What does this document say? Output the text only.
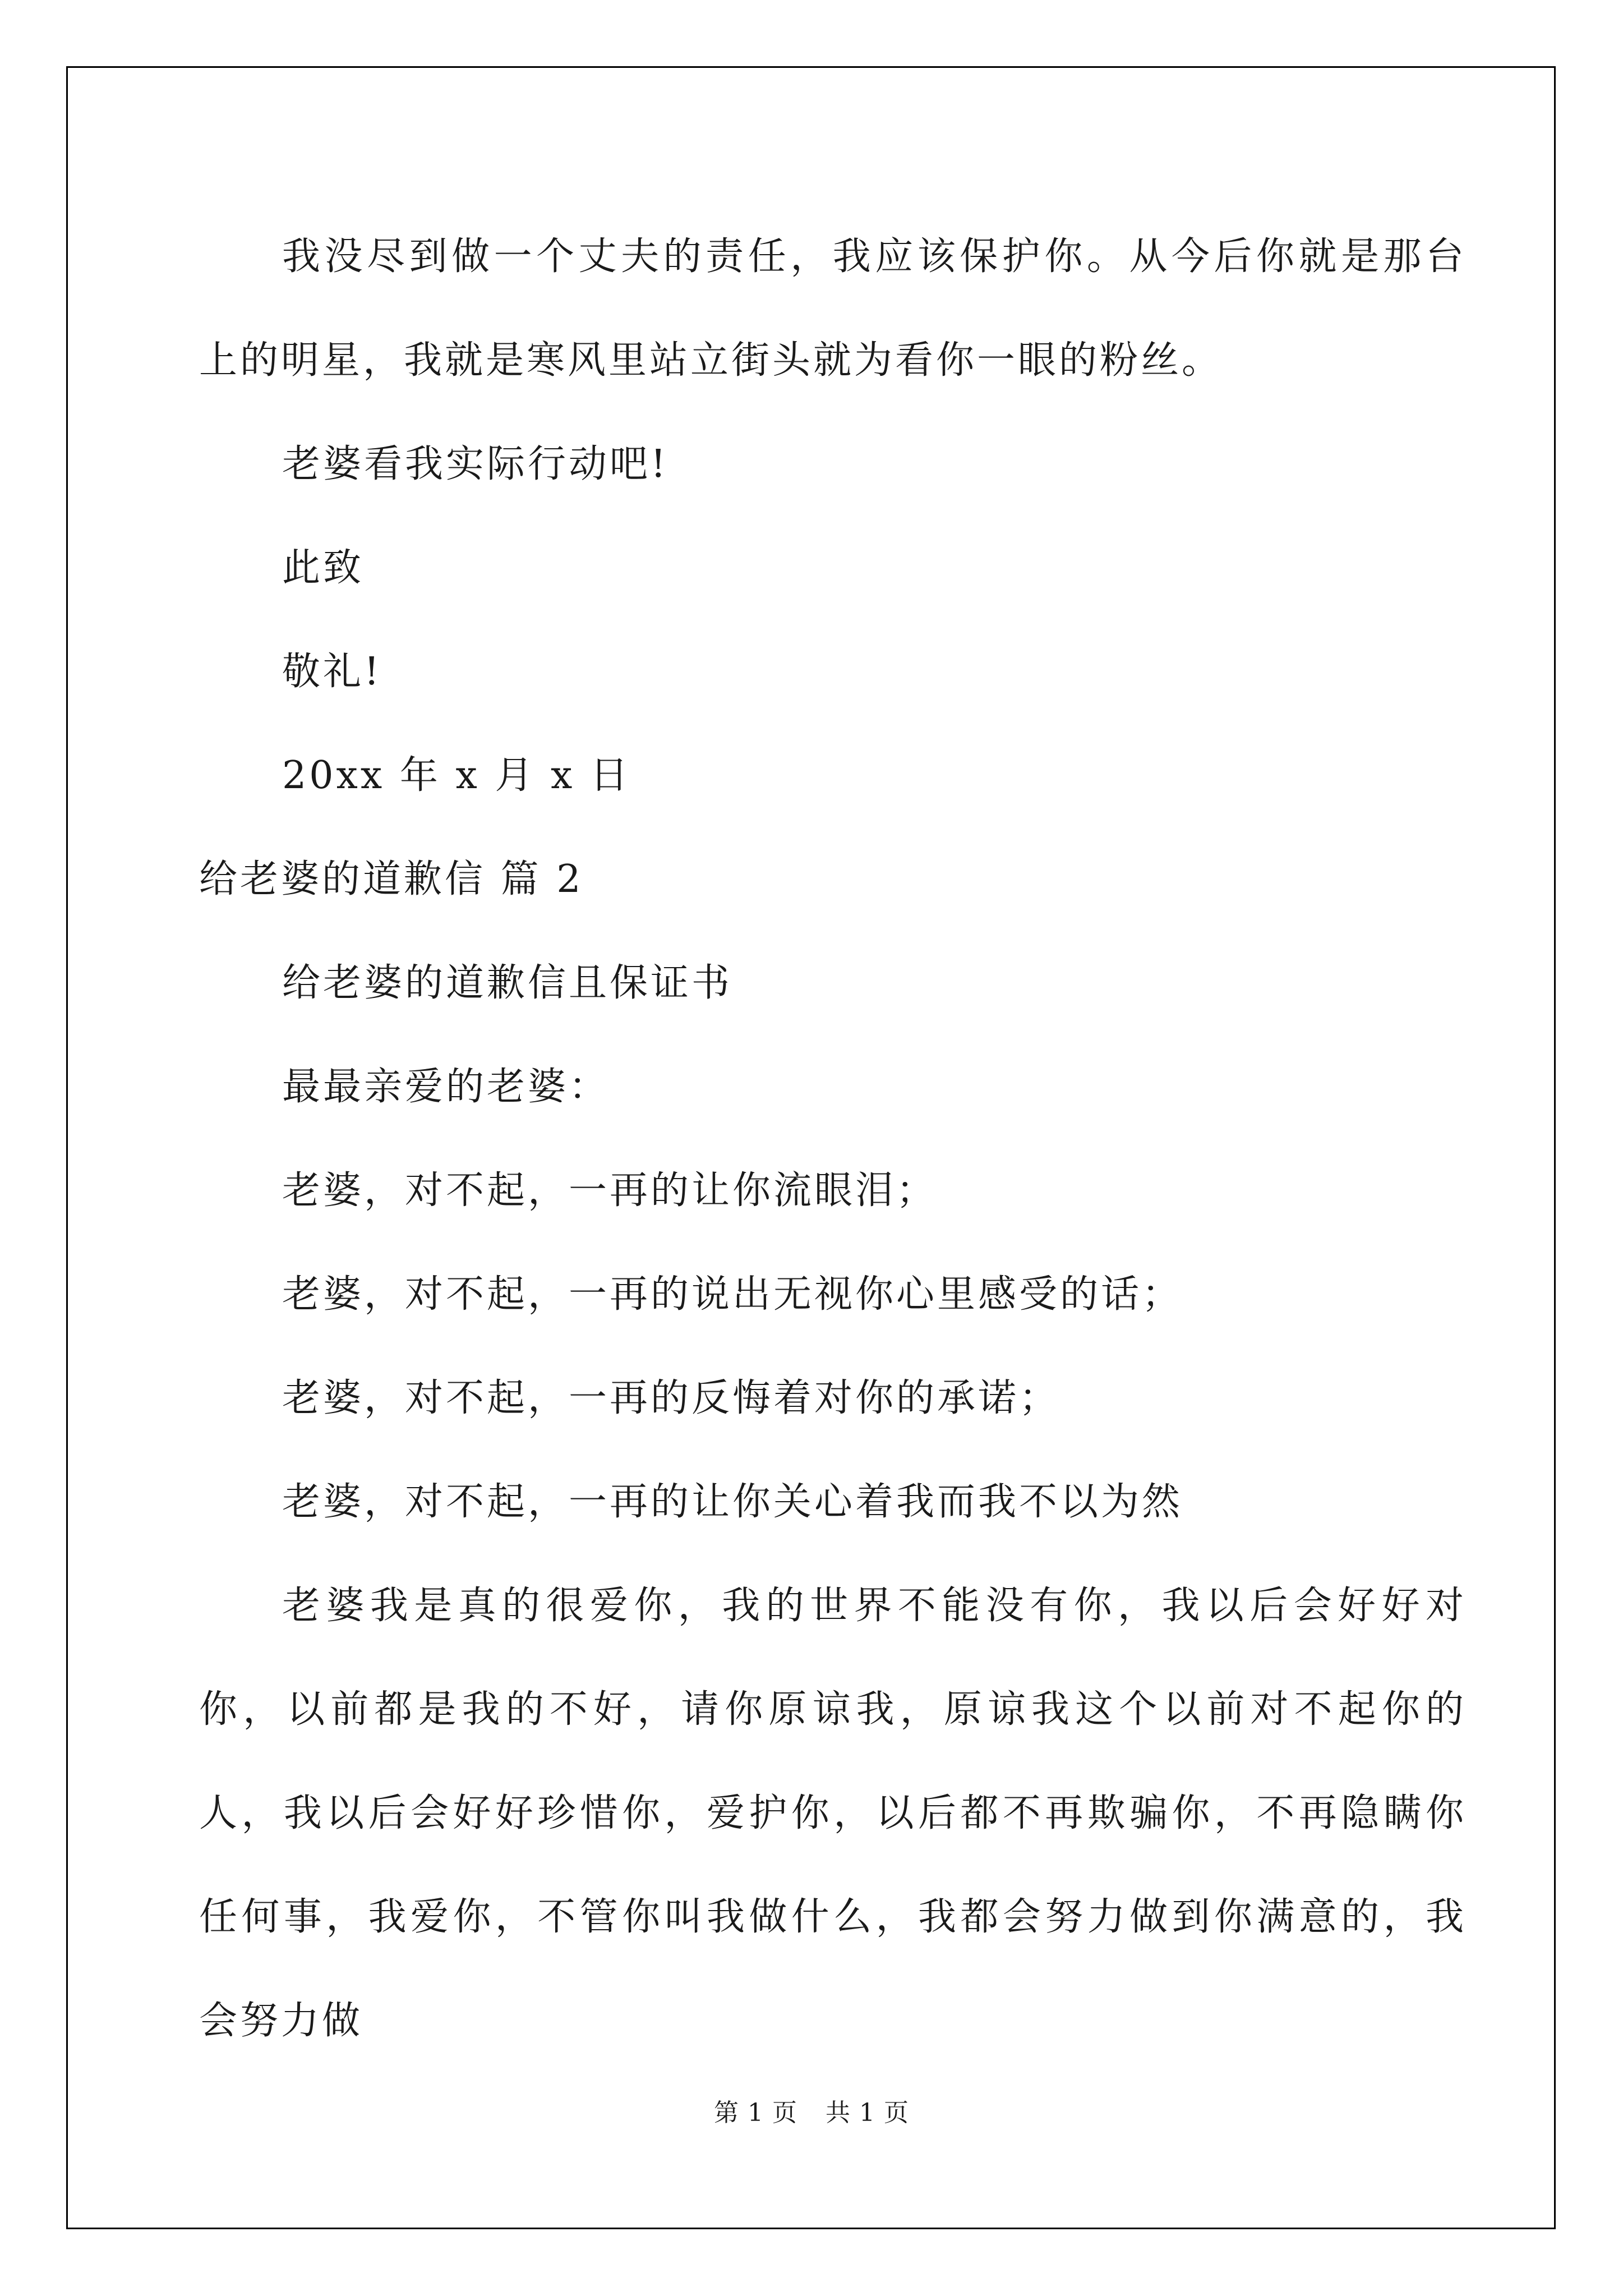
我没尽到做一个丈夫的责任，我应该保护你。从今后你就是那台上的明星，我就是寒风里站立街头就为看你一眼的粉丝。

老婆看我实际行动吧!

此致

敬礼!

20xx 年 x 月 x 日

给老婆的道歉信 篇 2

给老婆的道歉信且保证书

最最亲爱的老婆：

老婆，对不起，一再的让你流眼泪；

老婆，对不起，一再的说出无视你心里感受的话；

老婆，对不起，一再的反悔着对你的承诺；

老婆，对不起，一再的让你关心着我而我不以为然

老婆我是真的很爱你，我的世界不能没有你，我以后会好好对你，以前都是我的不好，请你原谅我，原谅我这个以前对不起你的人，我以后会好好珍惜你，爱护你，以后都不再欺骗你，不再隐瞒你任何事，我爱你，不管你叫我做什么，我都会努力做到你满意的，我会努力做

第 1 页 共 1 页
